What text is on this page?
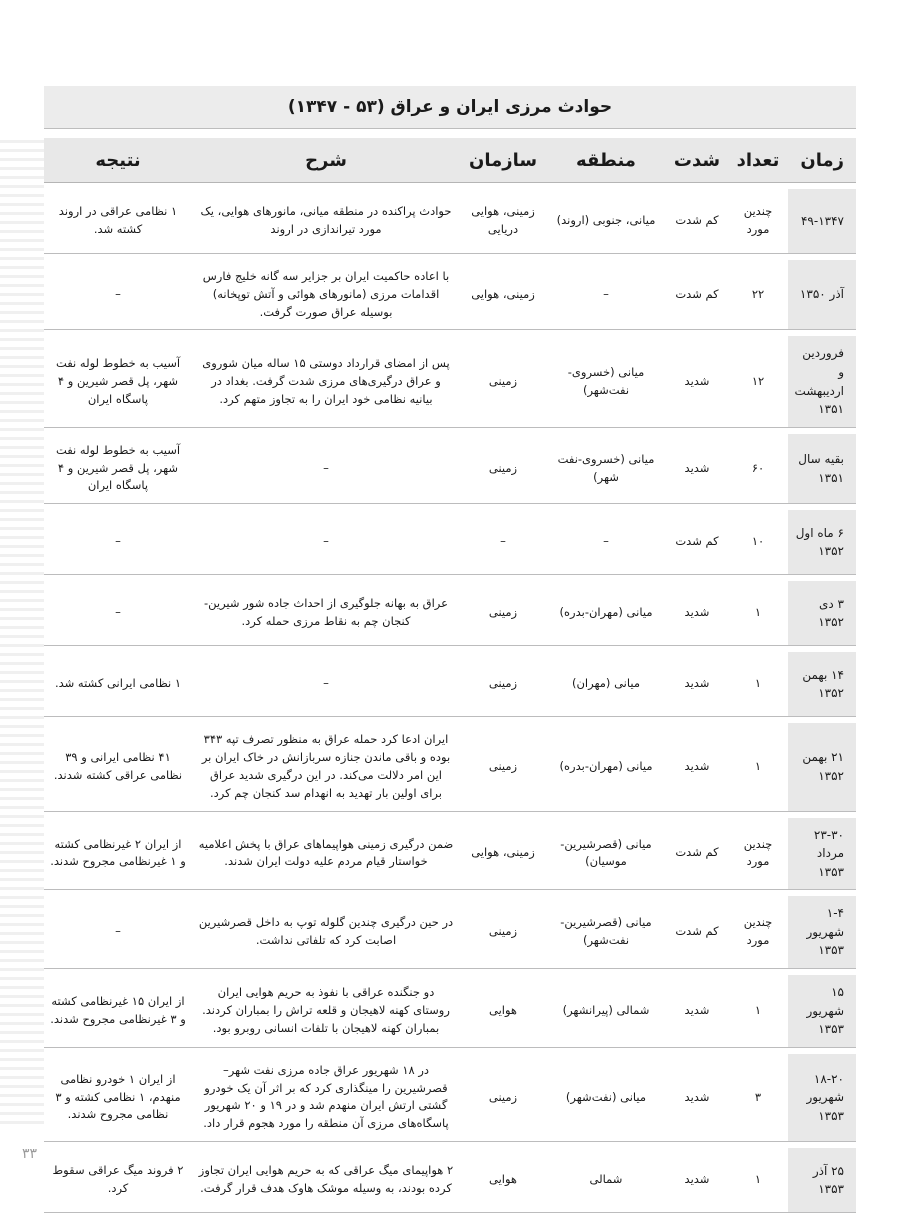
حوادث مرزی ایران و عراق (۵۳ - ۱۳۴۷)
زمان	تعداد	شدت	منطقه	سازمان	شرح	نتیجه
۴۹-۱۳۴۷	چندین مورد	کم شدت	میانی، جنوبی (اروند)	زمینی، هوایی دریایی	حوادث پراکنده در منطقه میانی، مانورهای هوایی، یک مورد تیراندازی در اروند	۱ نظامی عراقی در اروند کشته شد.
آذر ۱۳۵۰	۲۲	کم شدت	–	زمینی، هوایی	با اعاده حاکمیت ایران بر جزایر سه گانه خلیج فارس اقدامات مرزی (مانورهای هوائی و آتش توپخانه) بوسیله عراق صورت گرفت.	–
فروردین و اردیبهشت ۱۳۵۱	۱۲	شدید	میانی (خسروی-نفت‌شهر)	زمینی	پس از امضای قرارداد دوستی ۱۵ ساله میان شوروی و عراق درگیری‌های مرزی شدت گرفت. بغداد در بیانیه نظامی خود ایران را به تجاوز متهم کرد.	آسیب به خطوط لوله نفت شهر، پل قصر شیرین و ۴ پاسگاه ایران
بقیه سال ۱۳۵۱	۶۰	شدید	میانی (خسروی-نفت شهر)	زمینی	–	آسیب به خطوط لوله نفت شهر، پل قصر شیرین و ۴ پاسگاه ایران
۶ ماه اول ۱۳۵۲	۱۰	کم شدت	–	–	–	–
۳ دی ۱۳۵۲	۱	شدید	میانی (مهران-بدره)	زمینی	عراق به بهانه جلوگیری از احداث جاده شور شیرین-کنجان چم به نقاط مرزی حمله کرد.	–
۱۴ بهمن ۱۳۵۲	۱	شدید	میانی (مهران)	زمینی	–	۱ نظامی ایرانی کشته شد.
۲۱ بهمن ۱۳۵۲	۱	شدید	میانی (مهران-بدره)	زمینی	ایران ادعا کرد حمله عراق به منظور تصرف تپه ۳۴۳ بوده و باقی ماندن جنازه سربازانش در خاک ایران بر این امر دلالت می‌کند. در این درگیری شدید عراق برای اولین بار تهدید به انهدام سد کنجان چم کرد.	۴۱ نظامی ایرانی و ۳۹ نظامی عراقی کشته شدند.
۲۳-۳۰ مرداد ۱۳۵۳	چندین مورد	کم شدت	میانی (قصرشیرین-موسیان)	زمینی، هوایی	ضمن درگیری زمینی هواپیماهای عراق با پخش اعلامیه خواستار قیام مردم علیه دولت ایران شدند.	از ایران ۲ غیرنظامی کشته و ۱ غیرنظامی مجروح شدند.
۱-۴ شهریور ۱۳۵۳	چندین مورد	کم شدت	میانی (قصرشیرین-نفت‌شهر)	زمینی	در حین درگیری چندین گلوله توپ به داخل قصرشیرین اصابت کرد که تلفاتی نداشت.	–
۱۵ شهریور ۱۳۵۳	۱	شدید	شمالی (پیرانشهر)	هوایی	دو جنگنده عراقی با نفوذ به حریم هوایی ایران روستای کهنه لاهیجان و قلعه تراش را بمباران کردند. بمباران کهنه لاهیجان با تلفات انسانی روبرو بود.	از ایران ۱۵ غیرنظامی کشته و ۳ غیرنظامی مجروح شدند.
۱۸-۲۰ شهریور ۱۳۵۳	۳	شدید	میانی (نفت‌شهر)	زمینی	در ۱۸ شهریور عراق جاده مرزی نفت شهر–قصرشیرین را مینگذاری کرد که بر اثر آن یک خودرو گشتی ارتش ایران منهدم شد و در ۱۹ و ۲۰ شهریور پاسگاه‌های مرزی آن منطقه را مورد هجوم قرار داد.	از ایران ۱ خودرو نظامی منهدم، ۱ نظامی کشته و ۳ نظامی مجروح شدند.
۲۵ آذر ۱۳۵۳	۱	شدید	شمالی	هوایی	۲ هواپیمای میگ عراقی که به حریم هوایی ایران تجاوز کرده بودند، به وسیله موشک هاوک هدف قرار گرفت.	۲ فروند میگ عراقی سقوط کرد.
۳۳
